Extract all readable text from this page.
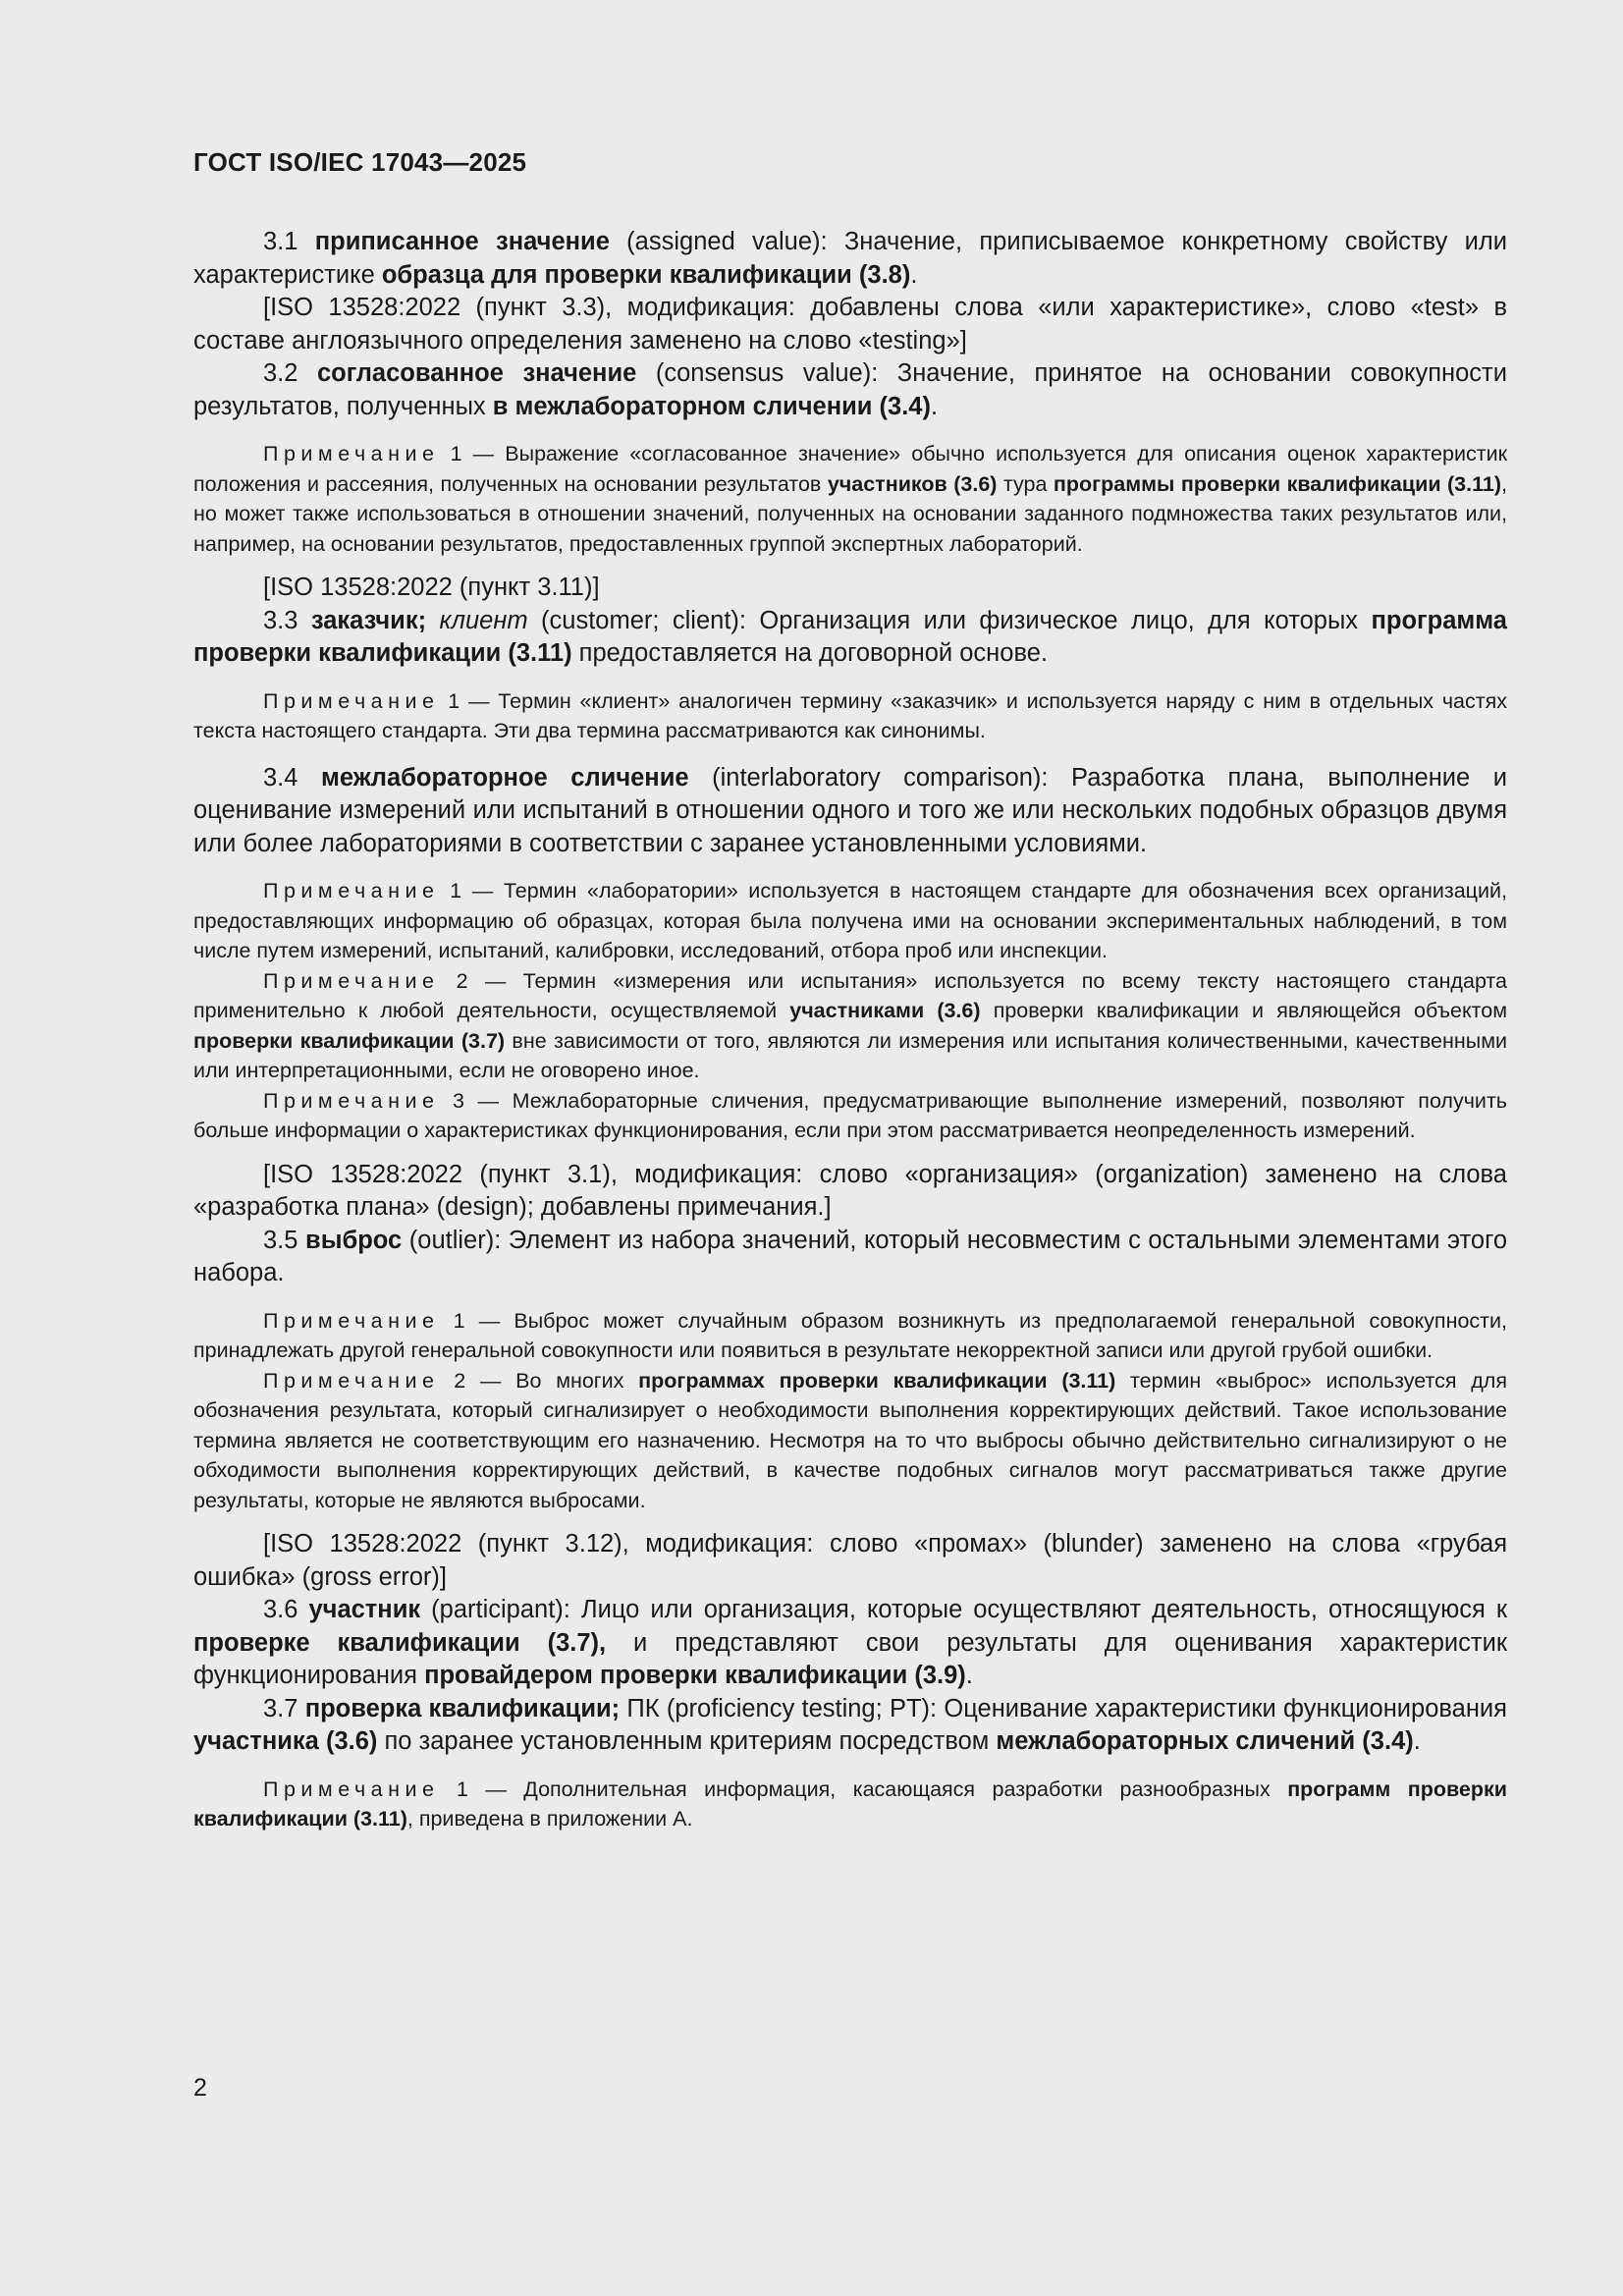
ГОСТ ISO/IEC 17043—2025

3.1 приписанное значение (assigned value): Значение, приписываемое конкретному свойству или характеристике образца для проверки квалификации (3.8).

[ISO 13528:2022 (пункт 3.3), модификация: добавлены слова «или характеристике», слово «test» в составе англоязычного определения заменено на слово «testing»]

3.2 согласованное значение (consensus value): Значение, принятое на основании совокупности результатов, полученных в межлабораторном сличении (3.4).

Примечание 1 — Выражение «согласованное значение» обычно используется для описания оценок характеристик положения и рассеяния, полученных на основании результатов участников (3.6) тура программы проверки квалификации (3.11), но может также использоваться в отношении значений, полученных на основании заданного подмножества таких результатов или, например, на основании результатов, предоставленных группой экспертных лабораторий.

[ISO 13528:2022 (пункт 3.11)]

3.3 заказчик; клиент (customer; client): Организация или физическое лицо, для которых программа проверки квалификации (3.11) предоставляется на договорной основе.

Примечание 1 — Термин «клиент» аналогичен термину «заказчик» и используется наряду с ним в отдельных частях текста настоящего стандарта. Эти два термина рассматриваются как синонимы.

3.4 межлабораторное сличение (interlaboratory comparison): Разработка плана, выполнение и оценивание измерений или испытаний в отношении одного и того же или нескольких подобных образцов двумя или более лабораториями в соответствии с заранее установленными условиями.

Примечание 1 — Термин «лаборатории» используется в настоящем стандарте для обозначения всех организаций, предоставляющих информацию об образцах, которая была получена ими на основании экспериментальных наблюдений, в том числе путем измерений, испытаний, калибровки, исследований, отбора проб или инспекции.

Примечание 2 — Термин «измерения или испытания» используется по всему тексту настоящего стандарта применительно к любой деятельности, осуществляемой участниками (3.6) проверки квалификации и являющейся объектом проверки квалификации (3.7) вне зависимости от того, являются ли измерения или испытания количественными, качественными или интерпретационными, если не оговорено иное.

Примечание 3 — Межлабораторные сличения, предусматривающие выполнение измерений, позволяют получить больше информации о характеристиках функционирования, если при этом рассматривается неопределенность измерений.

[ISO 13528:2022 (пункт 3.1), модификация: слово «организация» (organization) заменено на слова «разработка плана» (design); добавлены примечания.]

3.5 выброс (outlier): Элемент из набора значений, который несовместим с остальными элементами этого набора.

Примечание 1 — Выброс может случайным образом возникнуть из предполагаемой генеральной совокупности, принадлежать другой генеральной совокупности или появиться в результате некорректной записи или другой грубой ошибки.

Примечание 2 — Во многих программах проверки квалификации (3.11) термин «выброс» используется для обозначения результата, который сигнализирует о необходимости выполнения корректирующих действий. Такое использование термина является не соответствующим его назначению. Несмотря на то что выбросы обычно действительно сигнализируют о не обходимости выполнения корректирующих действий, в качестве подобных сигналов могут рассматриваться также другие результаты, которые не являются выбросами.

[ISO 13528:2022 (пункт 3.12), модификация: слово «промах» (blunder) заменено на слова «грубая ошибка» (gross error)]

3.6 участник (participant): Лицо или организация, которые осуществляют деятельность, относящуюся к проверке квалификации (3.7), и представляют свои результаты для оценивания характеристик функционирования провайдером проверки квалификации (3.9).

3.7 проверка квалификации; ПК (proficiency testing; PT): Оценивание характеристики функционирования участника (3.6) по заранее установленным критериям посредством межлабораторных сличений (3.4).

Примечание 1 — Дополнительная информация, касающаяся разработки разнообразных программ проверки квалификации (3.11), приведена в приложении А.

2
